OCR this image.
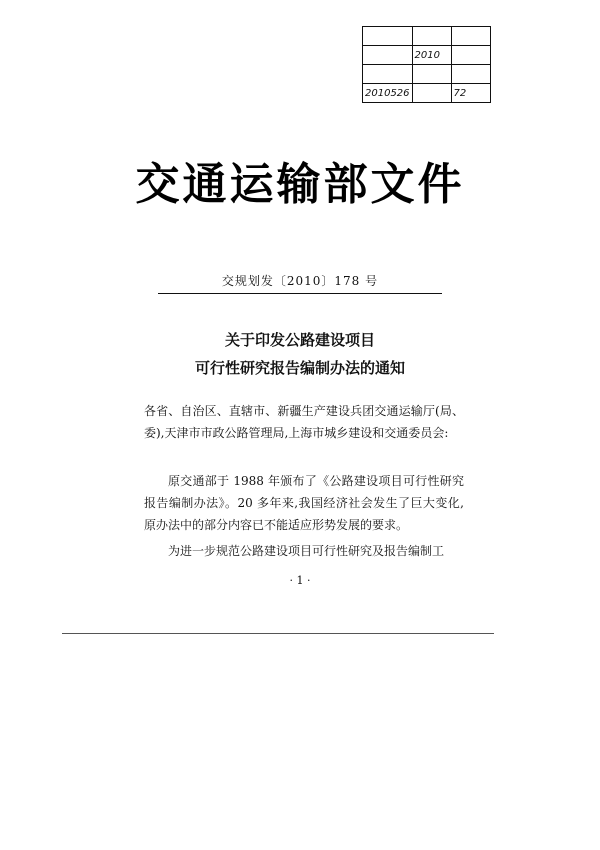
	2010	

2010526		72
交通运输部文件
交规划发〔2010〕178 号
关于印发公路建设项目
可行性研究报告编制办法的通知
各省、自治区、直辖市、新疆生产建设兵团交通运输厅(局、委),天津市市政公路管理局,上海市城乡建设和交通委员会:
原交通部于 1988 年颁布了《公路建设项目可行性研究报告编制办法》。20 多年来,我国经济社会发生了巨大变化,原办法中的部分内容已不能适应形势发展的要求。
为进一步规范公路建设项目可行性研究及报告编制工
· 1 ·
